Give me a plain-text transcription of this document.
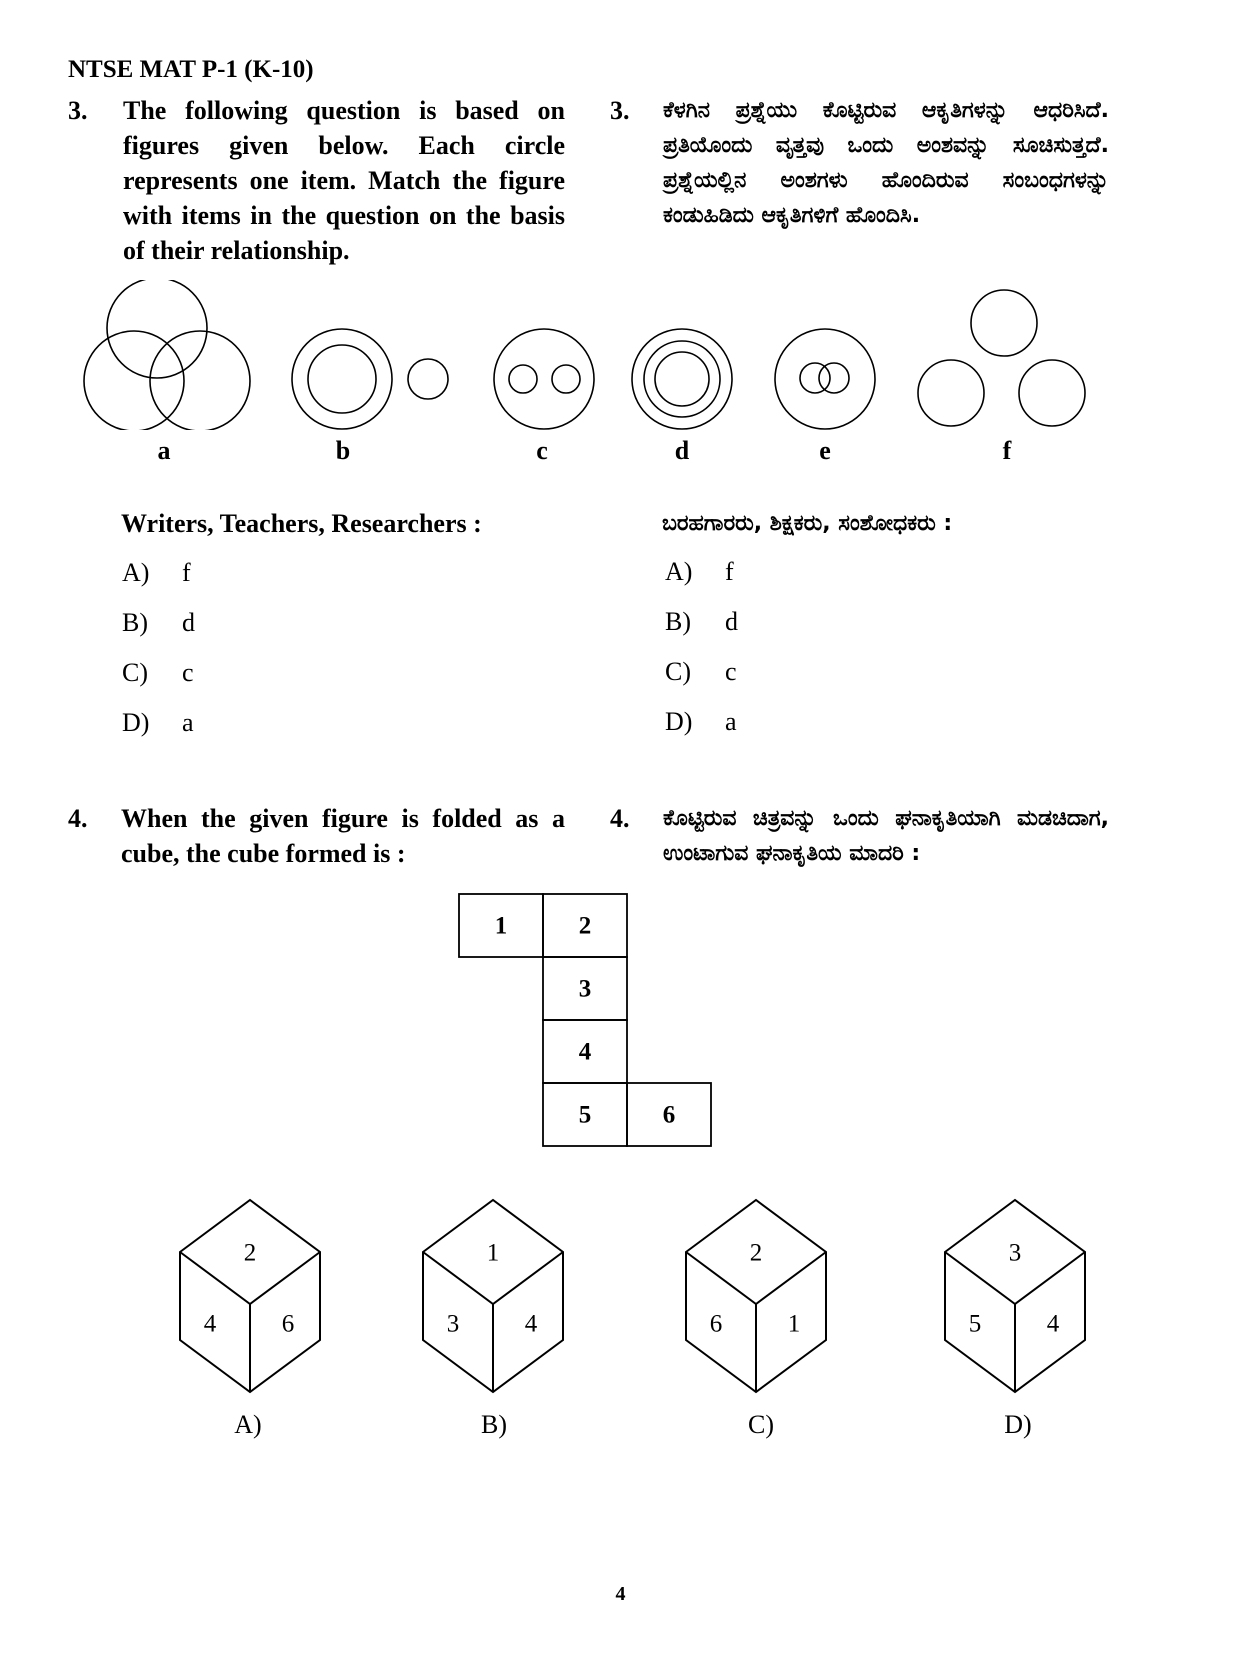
NTSE MAT P-1 (K-10)
3. The following question is based on figures given below. Each circle represents one item. Match the figure with items in the question on the basis of their relationship.
3. ಕೆಳಗಿನ ಪ್ರಶ್ನೆಯು ಕೊಟ್ಟಿರುವ ಆಕೃತಿಗಳನ್ನು ಆಧರಿಸಿದೆ. ಪ್ರತಿಯೊಂದು ವೃತ್ತವು ಒಂದು ಅಂಶವನ್ನು ಸೂಚಿಸುತ್ತದೆ. ಪ್ರಶ್ನೆಯಲ್ಲಿನ ಅಂಶಗಳು ಹೊಂದಿರುವ ಸಂಬಂಧಗಳನ್ನು ಕಂಡುಹಿಡಿದು ಆಕೃತಿಗಳಿಗೆ ಹೊಂದಿಸಿ.
a	b	c	d	e	f
Writers, Teachers, Researchers :	ಬರಹಗಾರರು, ಶಿಕ್ಷಕರು, ಸಂಶೋಧಕರು :
A) f
B) d
C) c
D) a
A) f
B) d
C) c
D) a
4. When the given figure is folded as a cube, the cube formed is :
4. ಕೊಟ್ಟಿರುವ ಚಿತ್ರವನ್ನು ಒಂದು ಘನಾಕೃತಿಯಾಗಿ ಮಡಚಿದಾಗ, ಉಂಟಾಗುವ ಘನಾಕೃತಿಯ ಮಾದರಿ :
1	2
3
4
5	6
2
4	6
1
3	4
2
6	1
3
5	4
A)	B)	C)	D)
4
